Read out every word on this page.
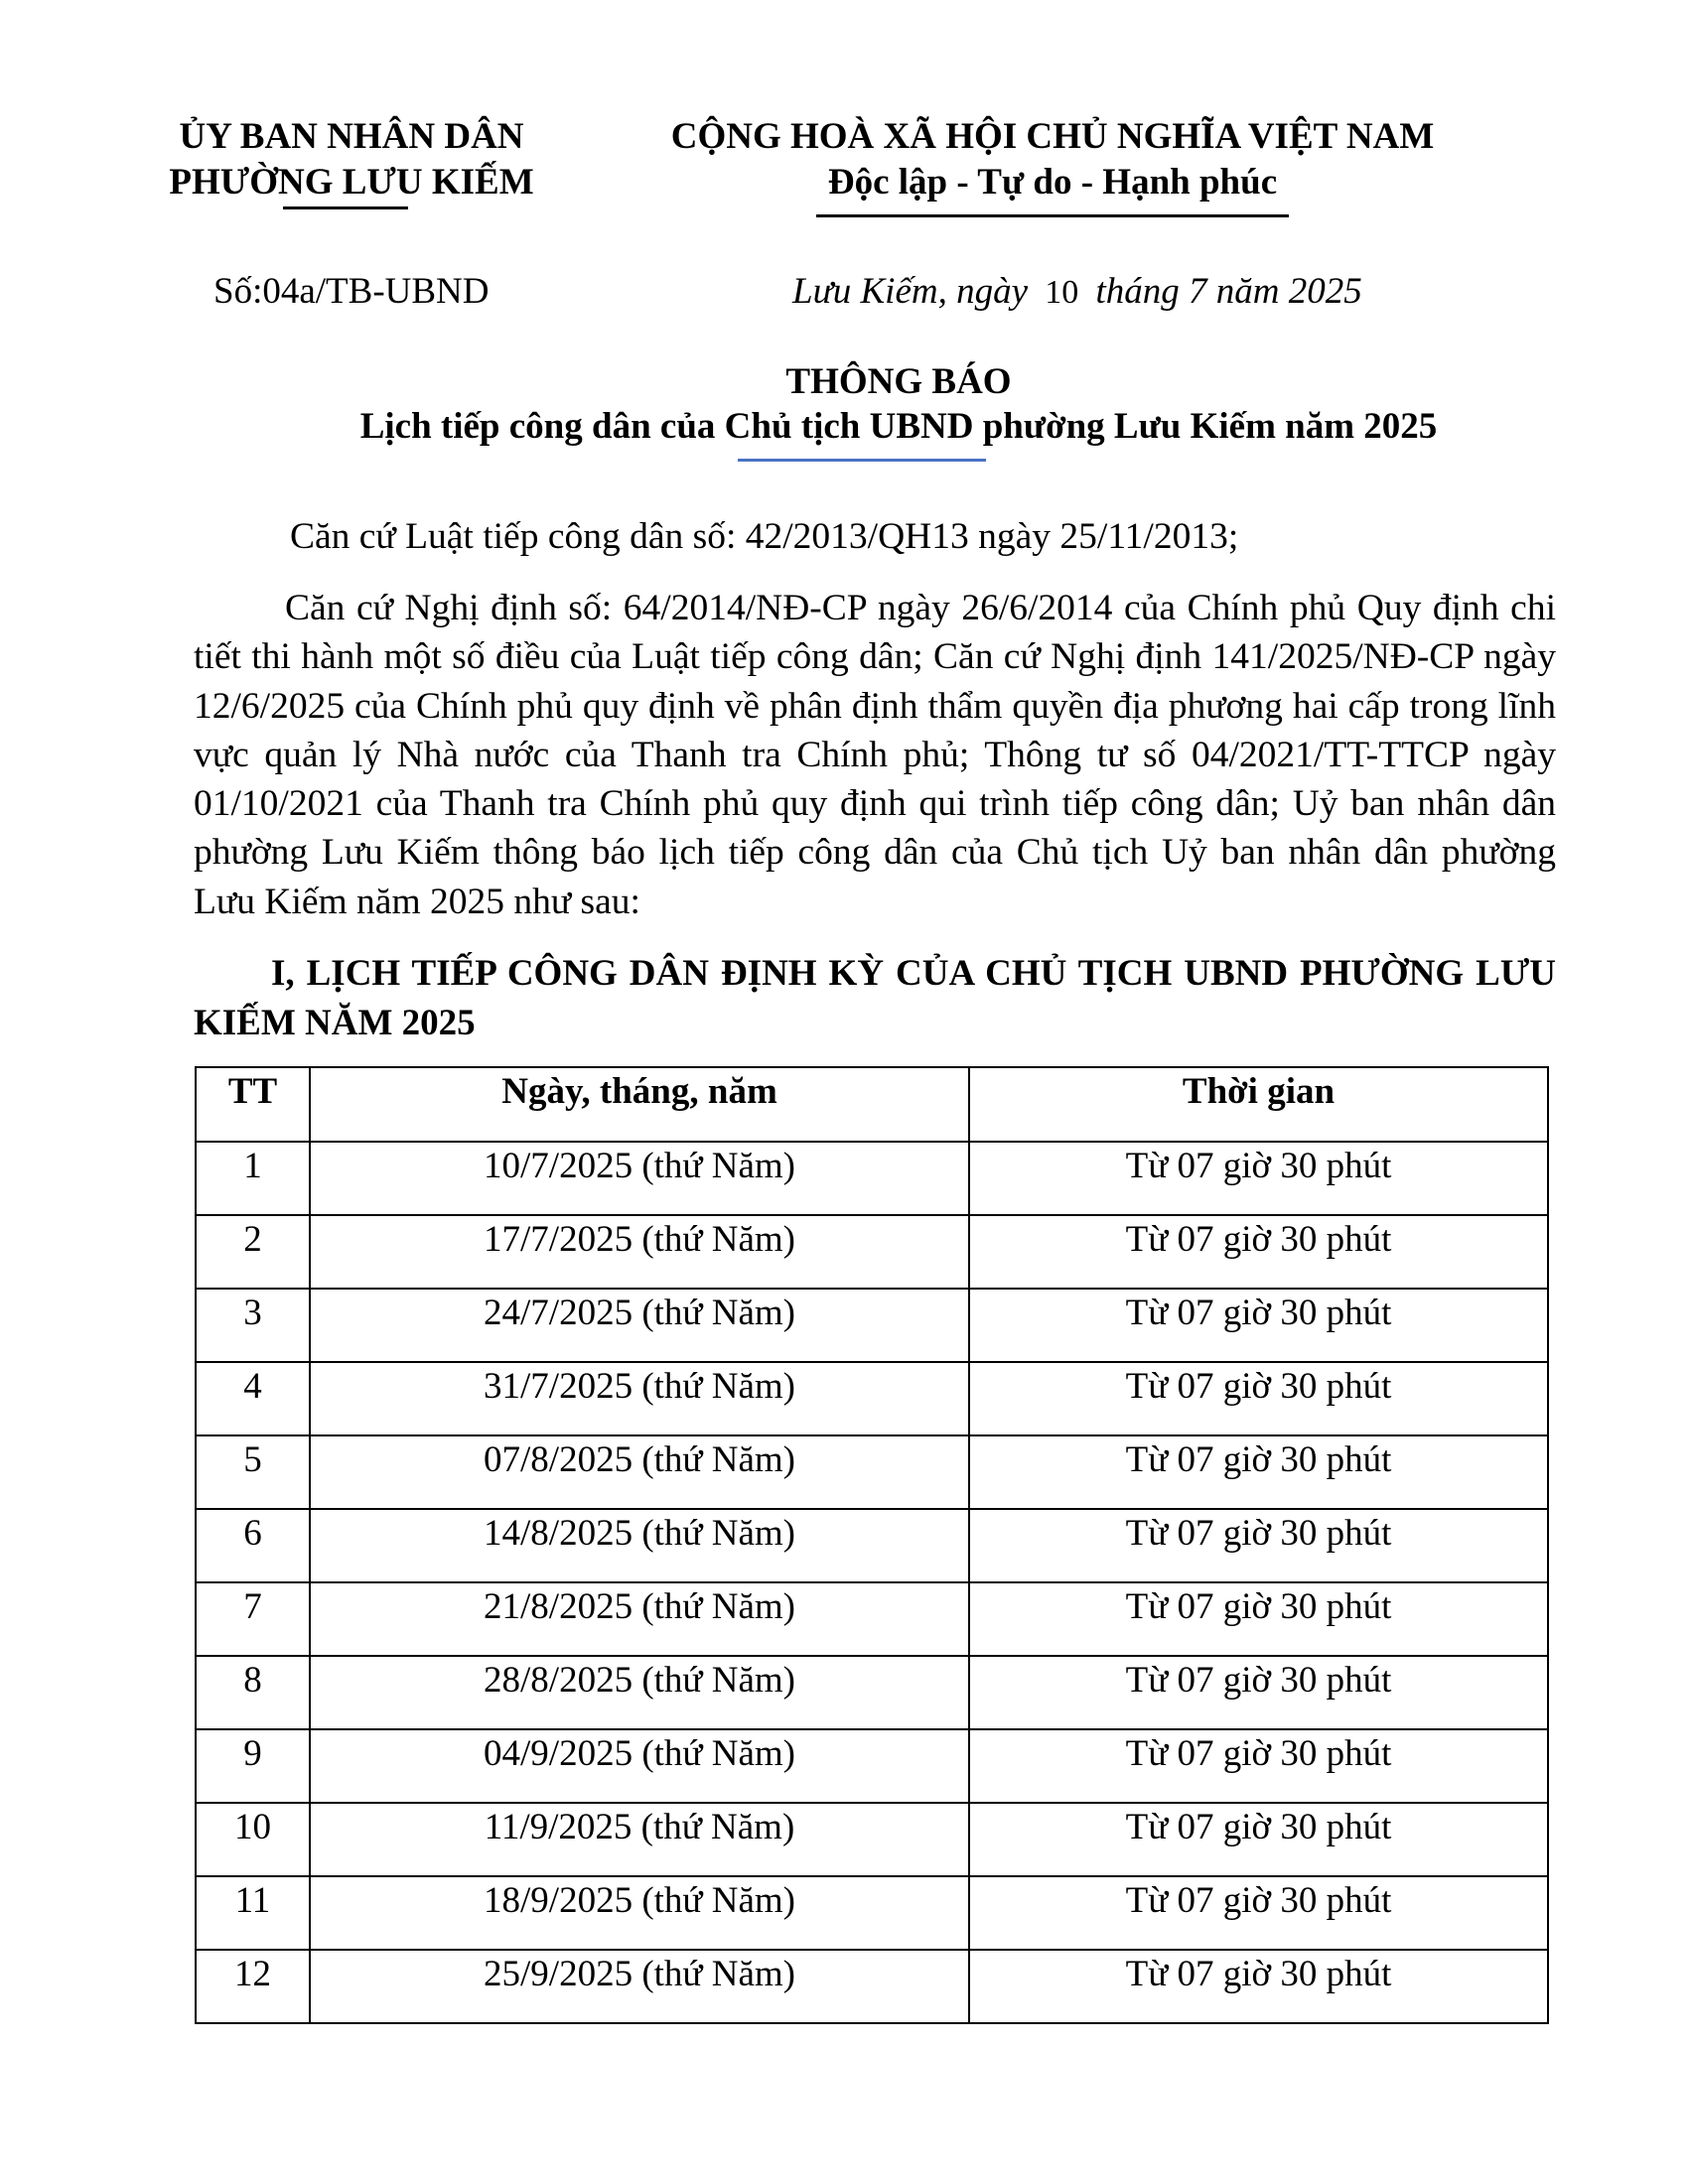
ỦY BAN NHÂN DÂN
PHƯỜNG LƯU KIẾM
CỘNG HOÀ XÃ HỘI CHỦ NGHĨA VIỆT NAM
Độc lập - Tự do - Hạnh phúc
Số:04a/TB-UBND	Lưu Kiếm, ngày 10 tháng 7 năm 2025
THÔNG BÁO
Lịch tiếp công dân của Chủ tịch UBND phường Lưu Kiếm năm 2025
Căn cứ Luật tiếp công dân số: 42/2013/QH13 ngày 25/11/2013;
Căn cứ Nghị định số: 64/2014/NĐ-CP ngày 26/6/2014 của Chính phủ Quy định chi tiết thi hành một số điều của Luật tiếp công dân; Căn cứ Nghị định 141/2025/NĐ-CP ngày 12/6/2025 của Chính phủ quy định về phân định thẩm quyền địa phương hai cấp trong lĩnh vực quản lý Nhà nước của Thanh tra Chính phủ; Thông tư số 04/2021/TT-TTCP ngày 01/10/2021 của Thanh tra Chính phủ quy định qui trình tiếp công dân; Uỷ ban nhân dân phường Lưu Kiếm thông báo lịch tiếp công dân của Chủ tịch Uỷ ban nhân dân phường Lưu Kiếm năm 2025 như sau:
I, LỊCH TIẾP CÔNG DÂN ĐỊNH KỲ CỦA CHỦ TỊCH UBND PHƯỜNG LƯU KIẾM NĂM 2025
TT	Ngày, tháng, năm	Thời gian
1	10/7/2025 (thứ Năm)	Từ 07 giờ 30 phút
2	17/7/2025 (thứ Năm)	Từ 07 giờ 30 phút
3	24/7/2025 (thứ Năm)	Từ 07 giờ 30 phút
4	31/7/2025 (thứ Năm)	Từ 07 giờ 30 phút
5	07/8/2025 (thứ Năm)	Từ 07 giờ 30 phút
6	14/8/2025 (thứ Năm)	Từ 07 giờ 30 phút
7	21/8/2025 (thứ Năm)	Từ 07 giờ 30 phút
8	28/8/2025 (thứ Năm)	Từ 07 giờ 30 phút
9	04/9/2025 (thứ Năm)	Từ 07 giờ 30 phút
10	11/9/2025 (thứ Năm)	Từ 07 giờ 30 phút
11	18/9/2025 (thứ Năm)	Từ 07 giờ 30 phút
12	25/9/2025 (thứ Năm)	Từ 07 giờ 30 phút
